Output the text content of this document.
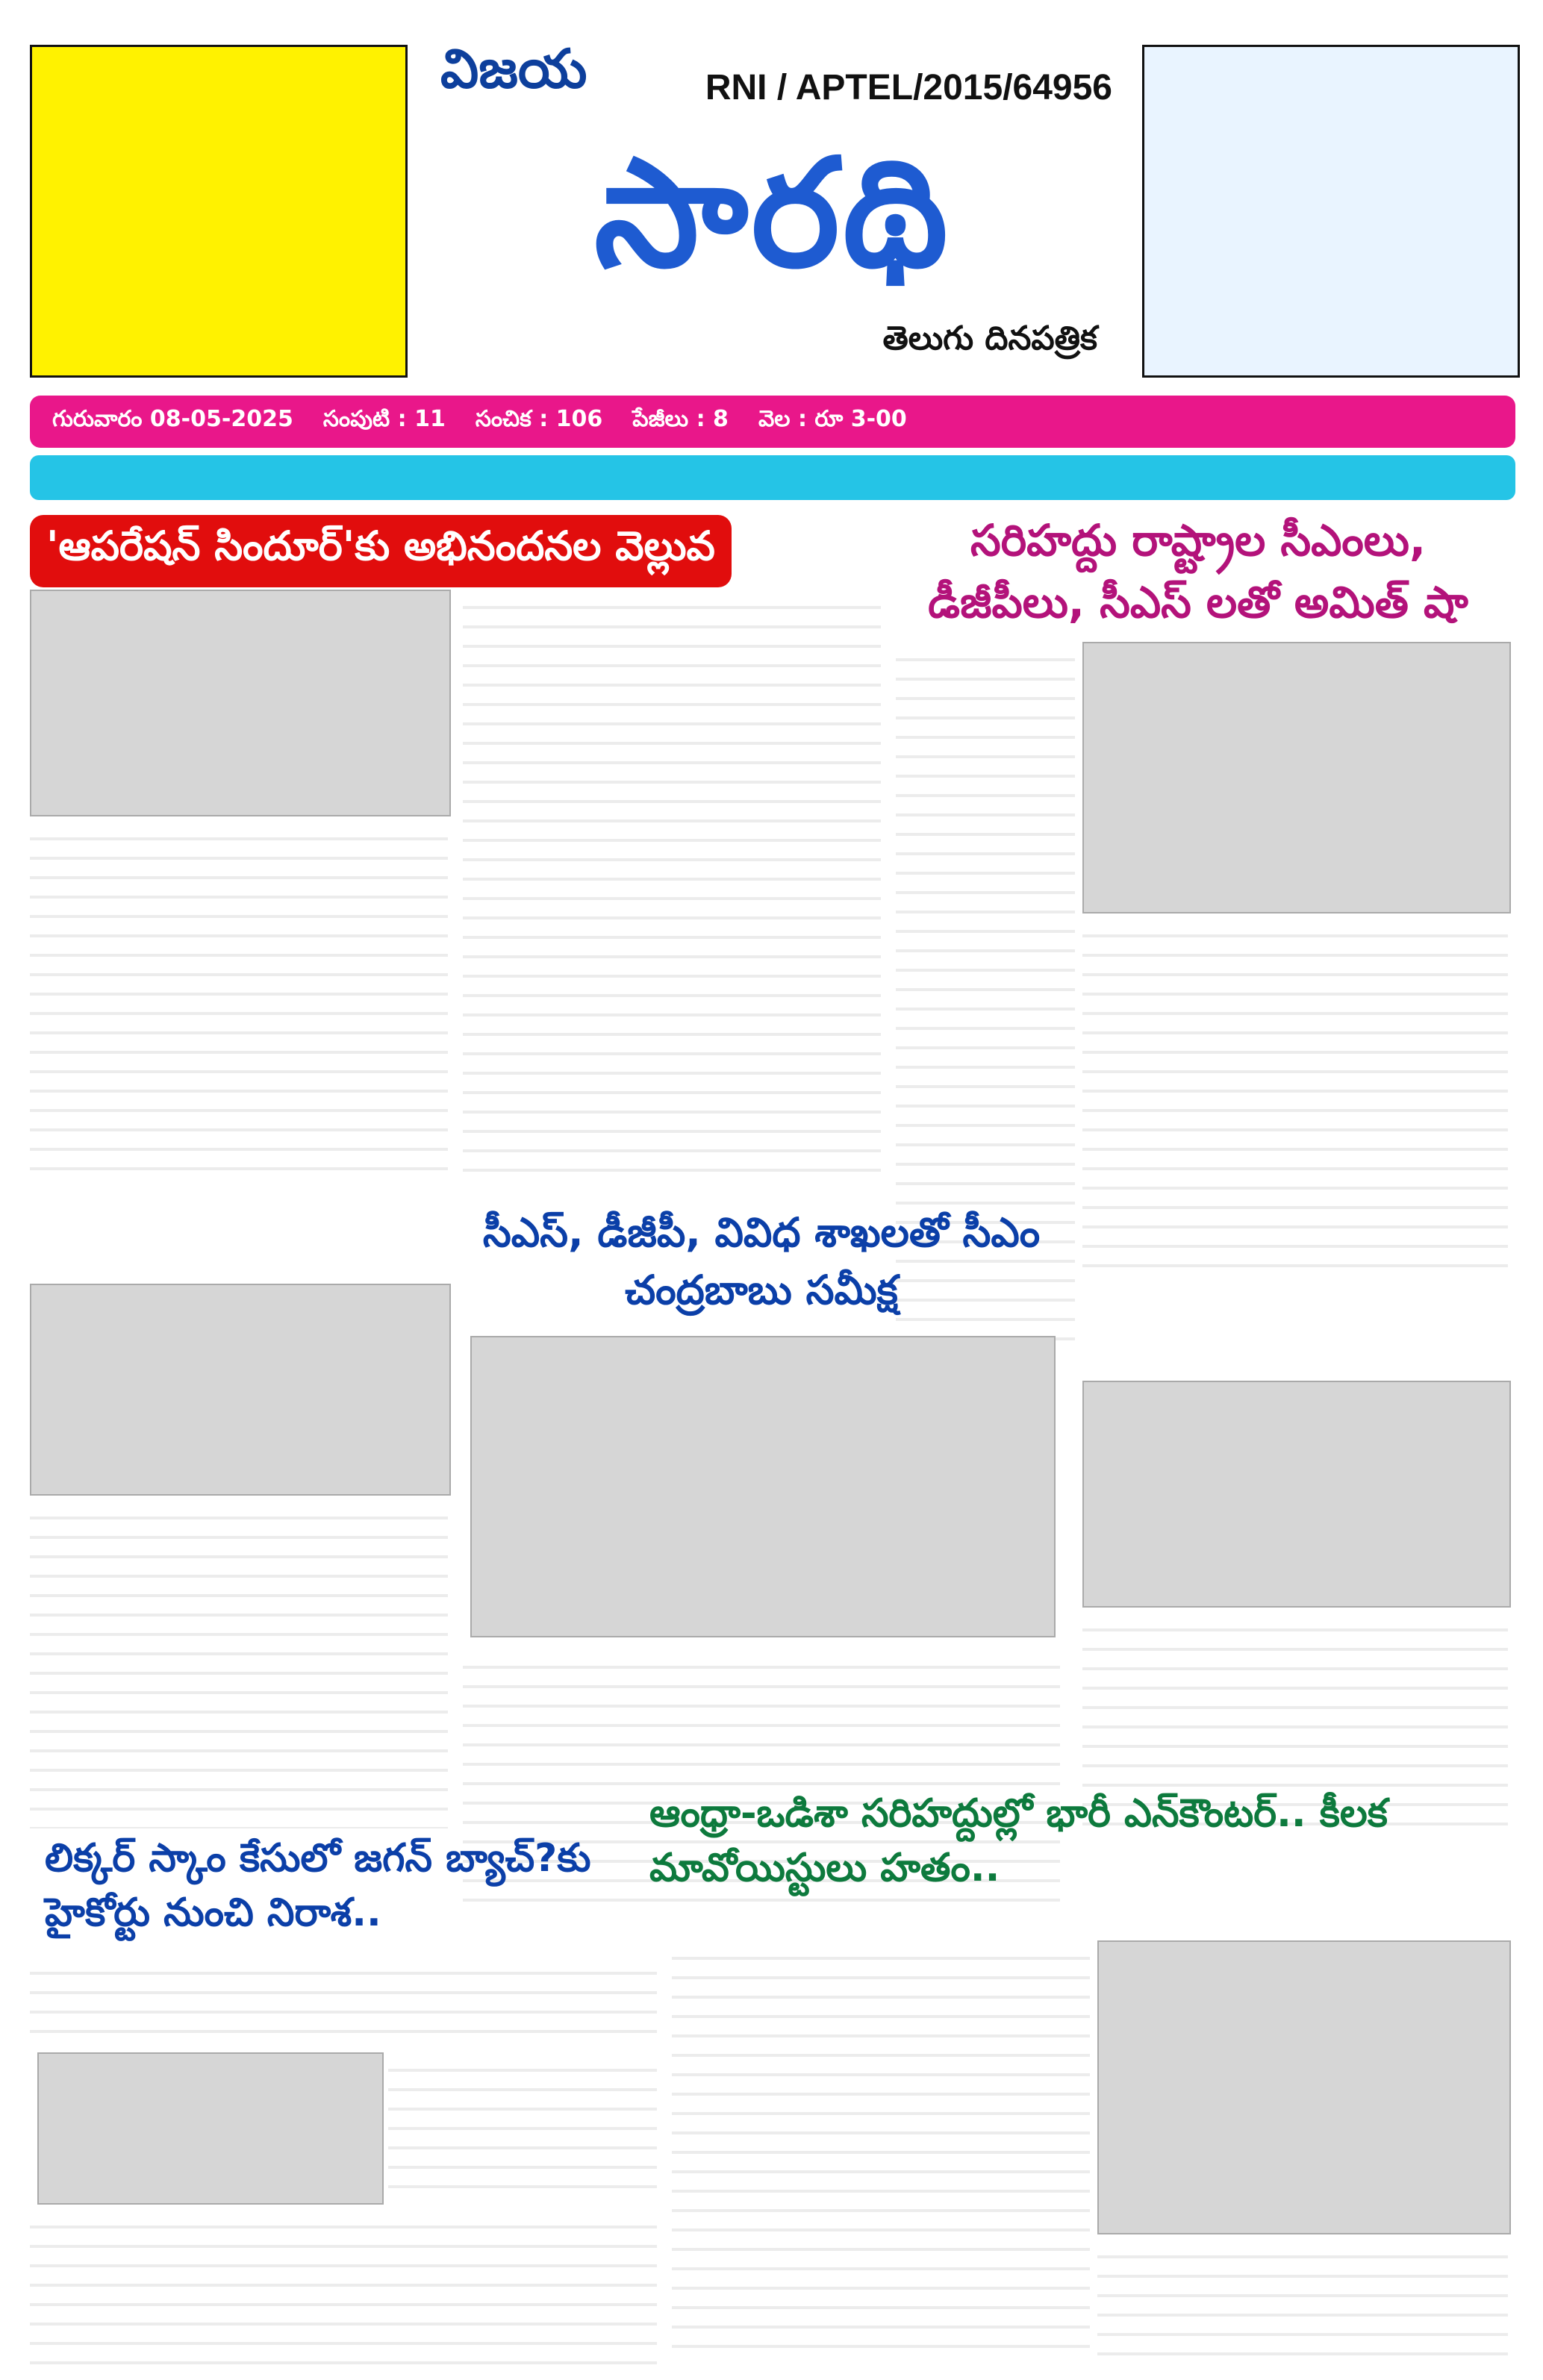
విజయ	RNI / APTEL/2015/64956
సారథి
తెలుగు దినపత్రిక
గురువారం 08-05-2025 సంపుటి : 11 సంచిక : 106 పేజీలు : 8 వెల : రూ 3-00
'ఆపరేషన్ సిందూర్'కు అభినందనల వెల్లువ	సరిహద్దు రాష్ట్రాల సీఎంలు, డీజీపీలు, సీఎస్ లతో అమిత్ షా
సీఎస్, డీజీపీ, వివిధ శాఖలతో సీఎం చంద్రబాబు సమీక్ష
లిక్కర్ స్కాం కేసులో జగన్ బ్యాచ్?కు హైకోర్టు నుంచి నిరాశ..
ఆంధ్రా-ఒడిశా సరిహద్దుల్లో భారీ ఎన్‌కౌంటర్.. కీలక మావోయిస్టులు హతం..
